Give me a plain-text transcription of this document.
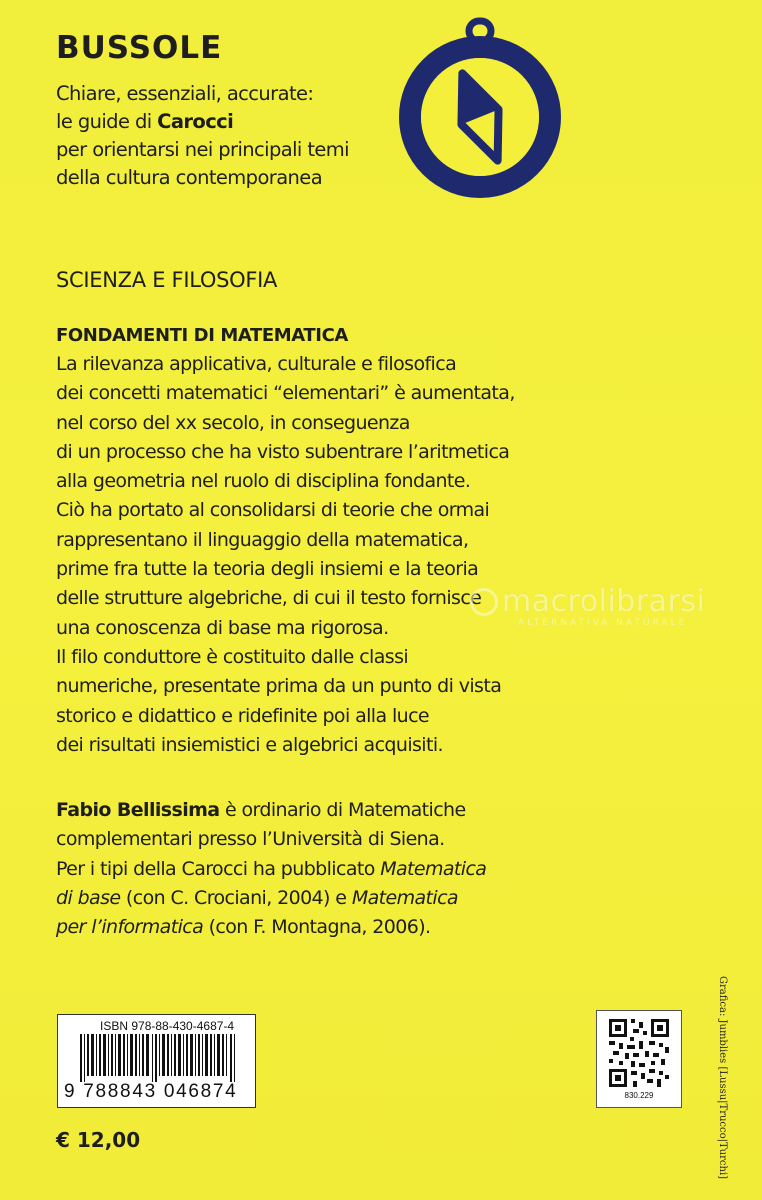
BUSSOLE
Chiare, essenziali, accurate:
le guide di Carocci
per orientarsi nei principali temi
della cultura contemporanea
SCIENZA E FILOSOFIA
FONDAMENTI DI MATEMATICA
La rilevanza applicativa, culturale e filosofica
dei concetti matematici “elementari” è aumentata,
nel corso del xx secolo, in conseguenza
di un processo che ha visto subentrare l’aritmetica
alla geometria nel ruolo di disciplina fondante.
Ciò ha portato al consolidarsi di teorie che ormai
rappresentano il linguaggio della matematica,
prime fra tutte la teoria degli insiemi e la teoria
delle strutture algebriche, di cui il testo fornisce
una conoscenza di base ma rigorosa.
Il filo conduttore è costituito dalle classi
numeriche, presentate prima da un punto di vista
storico e didattico e ridefinite poi alla luce
dei risultati insiemistici e algebrici acquisiti.
macrolibrarsi
ALTERNATIVA NATURALE
Fabio Bellissima è ordinario di Matematiche
complementari presso l’Università di Siena.
Per i tipi della Carocci ha pubblicato Matematica
di base (con C. Crociani, 2004) e Matematica
per l’informatica (con F. Montagna, 2006).
ISBN 978-88-430-4687-4
9 788843 046874	830.229
€ 12,00	Grafica: Jumblies [Lussu|Trucco|Turchi]
